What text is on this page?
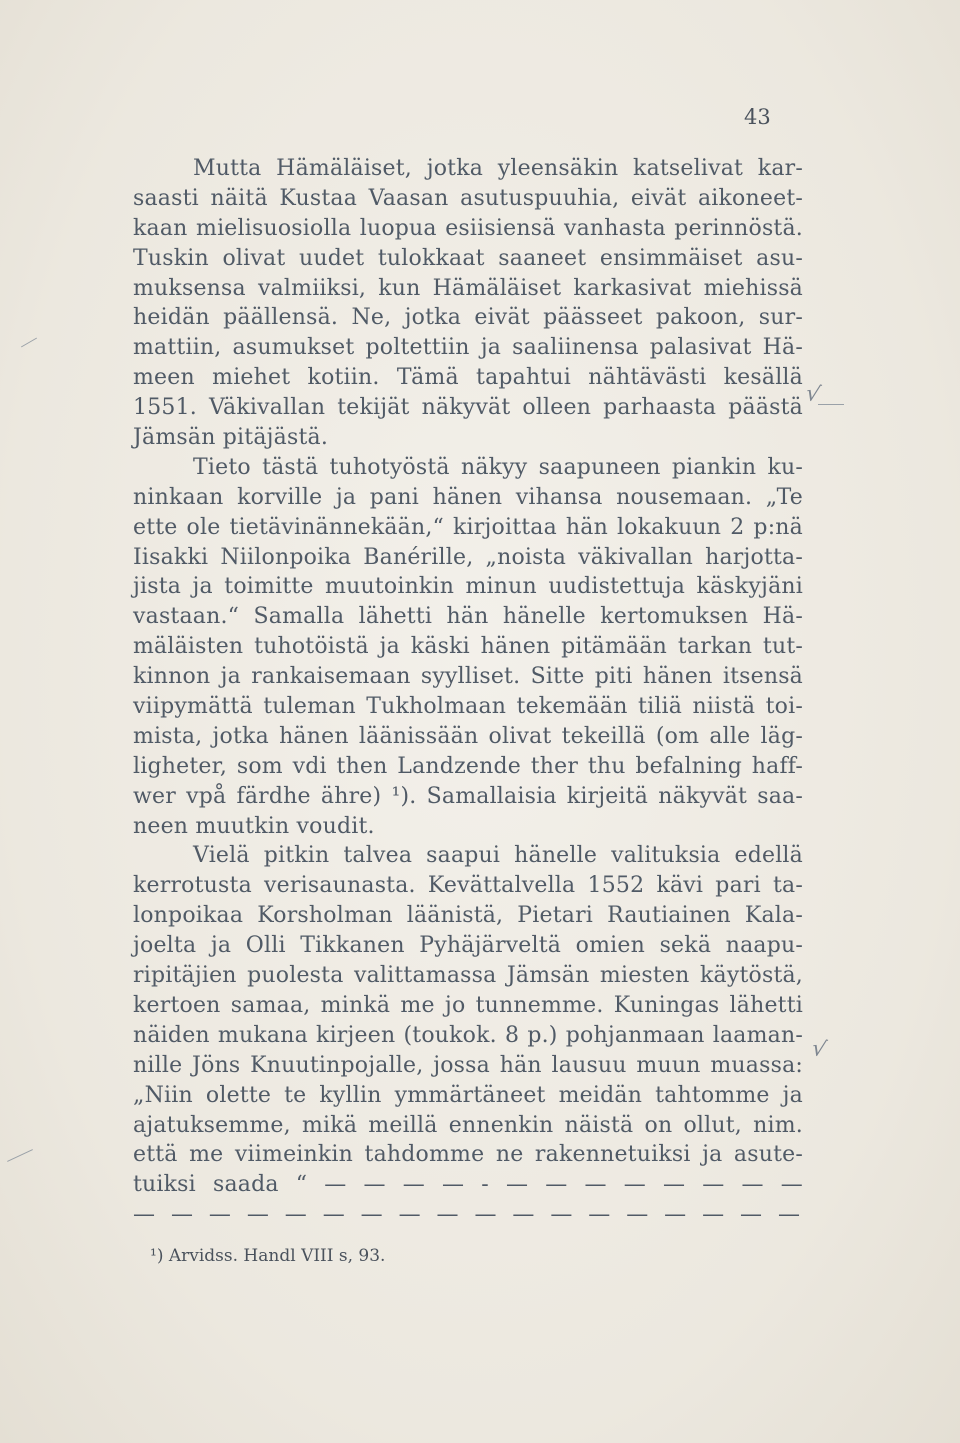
43
Mutta Hämäläiset, jotka yleensäkin katselivat kar-
saasti näitä Kustaa Vaasan asutuspuuhia, eivät aikoneet-
kaan mielisuosiolla luopua esiisiensä vanhasta perinnöstä.
Tuskin olivat uudet tulokkaat saaneet ensimmäiset asu-
muksensa valmiiksi, kun Hämäläiset karkasivat miehissä
heidän päällensä. Ne, jotka eivät päässeet pakoon, sur-
mattiin, asumukset poltettiin ja saaliinensa palasivat Hä-
meen miehet kotiin. Tämä tapahtui nähtävästi kesällä
1551. Väkivallan tekijät näkyvät olleen parhaasta päästä
Jämsän pitäjästä.
Tieto tästä tuhotyöstä näkyy saapuneen piankin ku-
ninkaan korville ja pani hänen vihansa nousemaan. „Te
ette ole tietävinännekään,“ kirjoittaa hän lokakuun 2 p:nä
Iisakki Niilonpoika Banérille, „noista väkivallan harjotta-
jista ja toimitte muutoinkin minun uudistettuja käskyjäni
vastaan.“ Samalla lähetti hän hänelle kertomuksen Hä-
mäläisten tuhotöistä ja käski hänen pitämään tarkan tut-
kinnon ja rankaisemaan syylliset. Sitte piti hänen itsensä
viipymättä tuleman Tukholmaan tekemään tiliä niistä toi-
mista, jotka hänen läänissään olivat tekeillä (om alle läg-
ligheter, som vdi then Landzende ther thu befalning haff-
wer vpå färdhe ähre) ¹). Samallaisia kirjeitä näkyvät saa-
neen muutkin voudit.
Vielä pitkin talvea saapui hänelle valituksia edellä
kerrotusta verisaunasta. Kevättalvella 1552 kävi pari ta-
lonpoikaa Korsholman läänistä, Pietari Rautiainen Kala-
joelta ja Olli Tikkanen Pyhäjärveltä omien sekä naapu-
ripitäjien puolesta valittamassa Jämsän miesten käytöstä,
kertoen samaa, minkä me jo tunnemme. Kuningas lähetti
näiden mukana kirjeen (toukok. 8 p.) pohjanmaan laaman-
nille Jöns Knuutinpojalle, jossa hän lausuu muun muassa:
„Niin olette te kyllin ymmärtäneet meidän tahtomme ja
ajatuksemme, mikä meillä ennenkin näistä on ollut, nim.
että me viimeinkin tahdomme ne rakennetuiksi ja asute-
tuiksi saada “ — — — — - — — — — — — — —
— — — — — — — — — — — — — — — — — —
¹) Arvidss. Handl VIII s, 93.
√
√
